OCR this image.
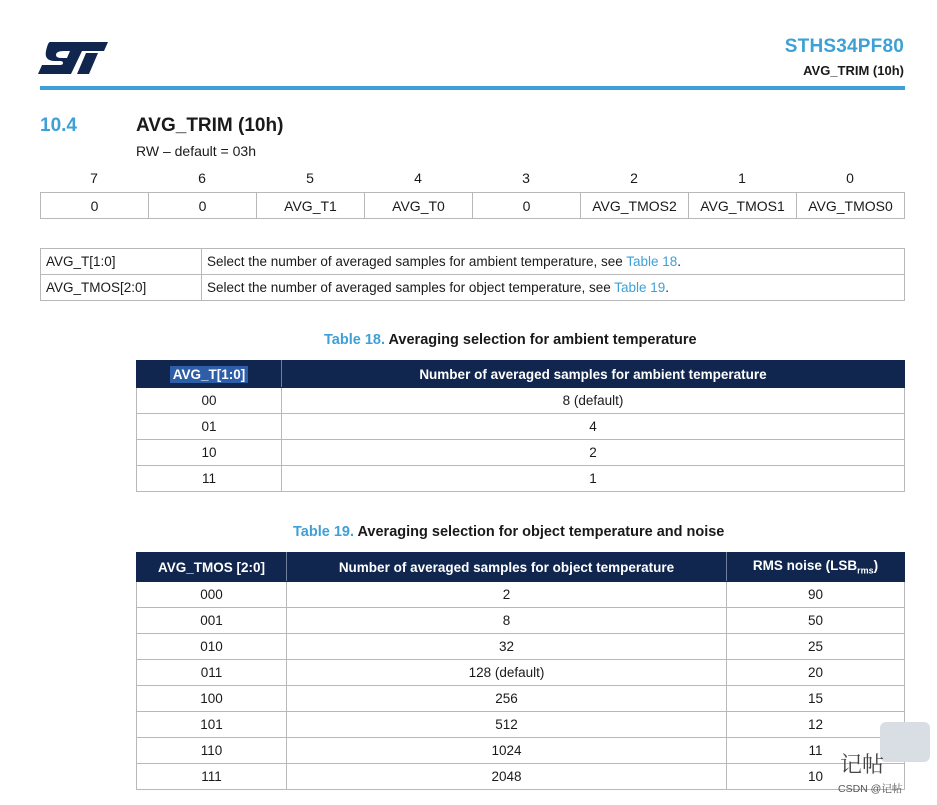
STHS34PF80
AVG_TRIM (10h)
10.4	AVG_TRIM (10h)
RW – default = 03h
7	6	5	4	3	2	1	0
0	0	AVG_T1	AVG_T0	0	AVG_TMOS2	AVG_TMOS1	AVG_TMOS0
AVG_T[1:0]	Select the number of averaged samples for ambient temperature, see Table 18.
AVG_TMOS[2:0]	Select the number of averaged samples for object temperature, see Table 19.
Table 18. Averaging selection for ambient temperature
AVG_T[1:0]	Number of averaged samples for ambient temperature
00	8 (default)
01	4
10	2
11	1
Table 19. Averaging selection for object temperature and noise
AVG_TMOS [2:0]	Number of averaged samples for object temperature	RMS noise $(LSB_{rms})$
000	2	90
001	8	50
010	32	25
011	128 (default)	20
100	256	15
101	512	12
110	1024	11
111	2048	10 记帖
CSDN @记帖
